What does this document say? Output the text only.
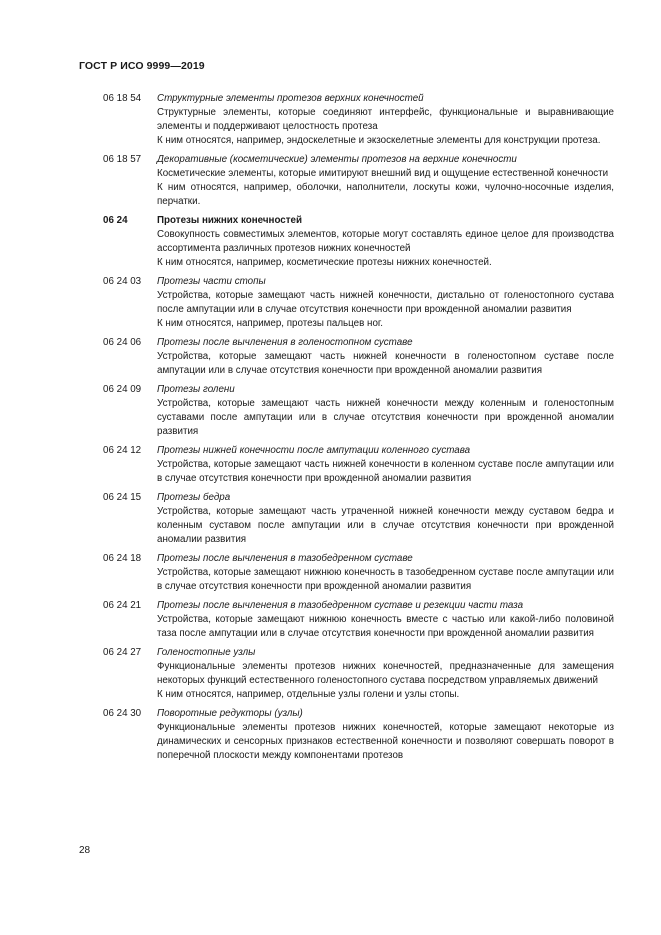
ГОСТ Р ИСО 9999—2019
06 18 54	Структурные элементы протезов верхних конечностей
Структурные элементы, которые соединяют интерфейс, функциональные и выравнивающие элементы и поддерживают целостность протеза
К ним относятся, например, эндоскелетные и экзоскелетные элементы для конструкции протеза.
06 18 57	Декоративные (косметические) элементы протезов на верхние конечности
Косметические элементы, которые имитируют внешний вид и ощущение естественной конечности
К ним относятся, например, оболочки, наполнители, лоскуты кожи, чулочно-носочные изделия, перчатки.
06 24	Протезы нижних конечностей
Совокупность совместимых элементов, которые могут составлять единое целое для производства ассортимента различных протезов нижних конечностей
К ним относятся, например, косметические протезы нижних конечностей.
06 24 03	Протезы части стопы
Устройства, которые замещают часть нижней конечности, дистально от голеностопного сустава после ампутации или в случае отсутствия конечности при врожденной аномалии развития
К ним относятся, например, протезы пальцев ног.
06 24 06	Протезы после вычленения в голеностопном суставе
Устройства, которые замещают часть нижней конечности в голеностопном суставе после ампутации или в случае отсутствия конечности при врожденной аномалии развития
06 24 09	Протезы голени
Устройства, которые замещают часть нижней конечности между коленным и голеностопным суставами после ампутации или в случае отсутствия конечности при врожденной аномалии развития
06 24 12	Протезы нижней конечности после ампутации коленного сустава
Устройства, которые замещают часть нижней конечности в коленном суставе после ампутации или в случае отсутствия конечности при врожденной аномалии развития
06 24 15	Протезы бедра
Устройства, которые замещают часть утраченной нижней конечности между суставом бедра и коленным суставом после ампутации или в случае отсутствия конечности при врожденной аномалии развития
06 24 18	Протезы после вычленения в тазобедренном суставе
Устройства, которые замещают нижнюю конечность в тазобедренном суставе после ампутации или в случае отсутствия конечности при врожденной аномалии развития
06 24 21	Протезы после вычленения в тазобедренном суставе и резекции части таза
Устройства, которые замещают нижнюю конечность вместе с частью или какой-либо половиной таза после ампутации или в случае отсутствия конечности при врожденной аномалии развития
06 24 27	Голеностопные узлы
Функциональные элементы протезов нижних конечностей, предназначенные для замещения некоторых функций естественного голеностопного сустава посредством управляемых движений
К ним относятся, например, отдельные узлы голени и узлы стопы.
06 24 30	Поворотные редукторы (узлы)
Функциональные элементы протезов нижних конечностей, которые замещают некоторые из динамических и сенсорных признаков естественной конечности и позволяют совершать поворот в поперечной плоскости между компонентами протезов
28
